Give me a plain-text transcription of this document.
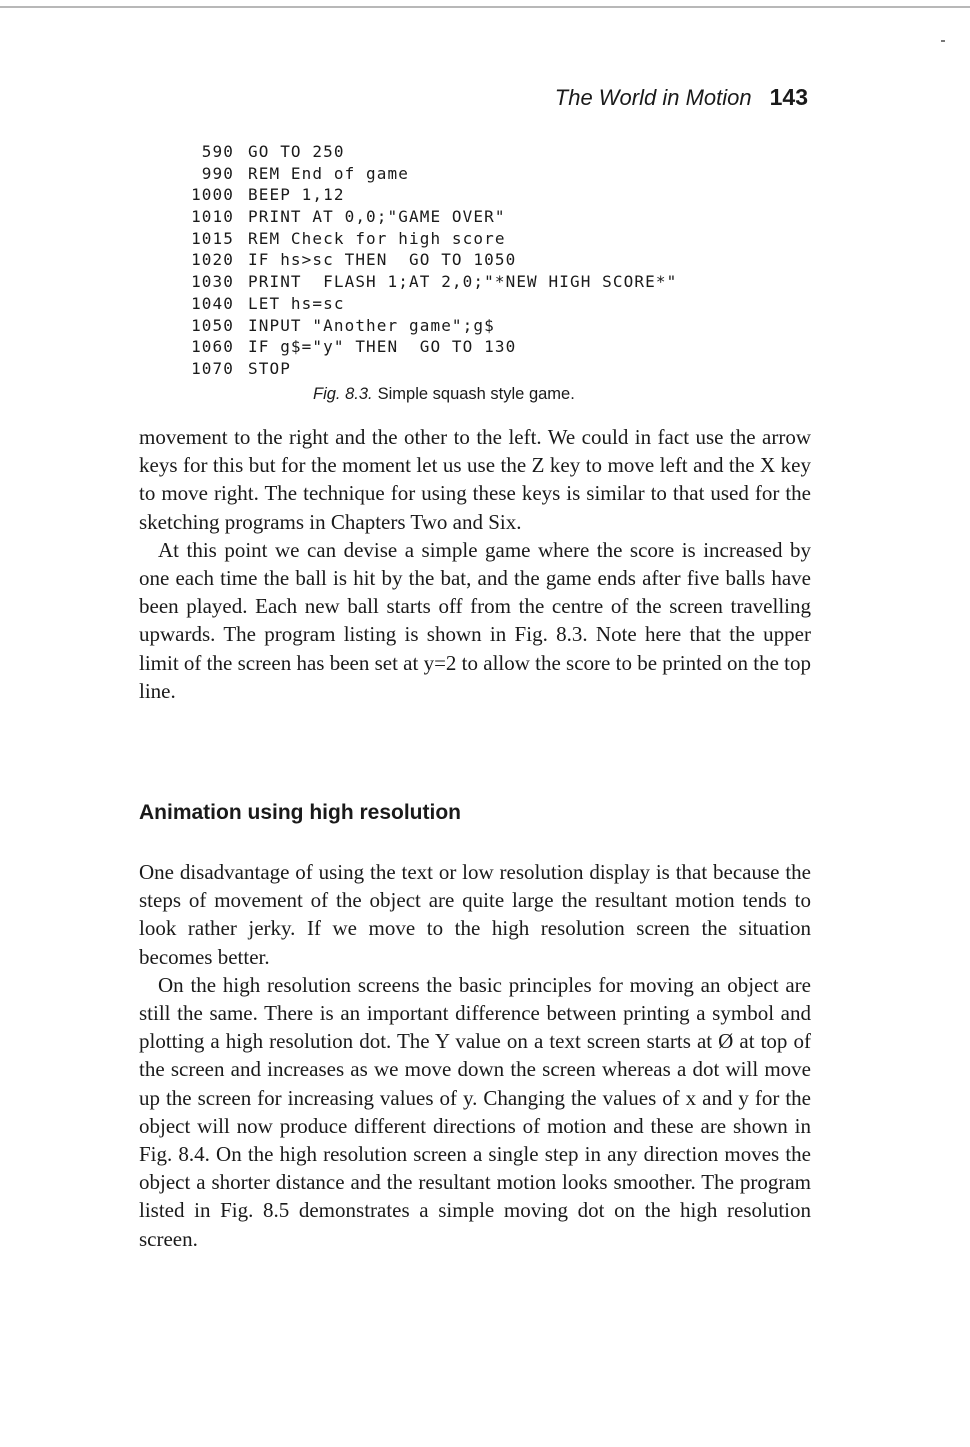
The World in Motion 143
590 GO TO 250
990 REM End of game
1000 BEEP 1,12
1010 PRINT AT 0,0;"GAME OVER"
1015 REM Check for high score
1020 IF hs>sc THEN  GO TO 1050
1030 PRINT  FLASH 1;AT 2,0;"*NEW HIGH SCORE*"
1040 LET hs=sc
1050 INPUT "Another game";g$
1060 IF g$="y" THEN  GO TO 130
1070 STOP
Fig. 8.3. Simple squash style game.

movement to the right and the other to the left. We could in fact use the arrow keys for this but for the moment let us use the Z key to move left and the X key to move right. The technique for using these keys is similar to that used for the sketching programs in Chapters Two and Six.

At this point we can devise a simple game where the score is increased by one each time the ball is hit by the bat, and the game ends after five balls have been played. Each new ball starts off from the centre of the screen travelling upwards. The program listing is shown in Fig. 8.3. Note here that the upper limit of the screen has been set at y=2 to allow the score to be printed on the top line.

Animation using high resolution

One disadvantage of using the text or low resolution display is that because the steps of movement of the object are quite large the resultant motion tends to look rather jerky. If we move to the high resolution screen the situation becomes better.

On the high resolution screens the basic principles for moving an object are still the same. There is an important difference between printing a symbol and plotting a high resolution dot. The Y value on a text screen starts at Ø at top of the screen and increases as we move down the screen whereas a dot will move up the screen for increasing values of y. Changing the values of x and y for the object will now produce different directions of motion and these are shown in Fig. 8.4. On the high resolution screen a single step in any direction moves the object a shorter distance and the resultant motion looks smoother. The program listed in Fig. 8.5 demonstrates a simple moving dot on the high resolution screen.
